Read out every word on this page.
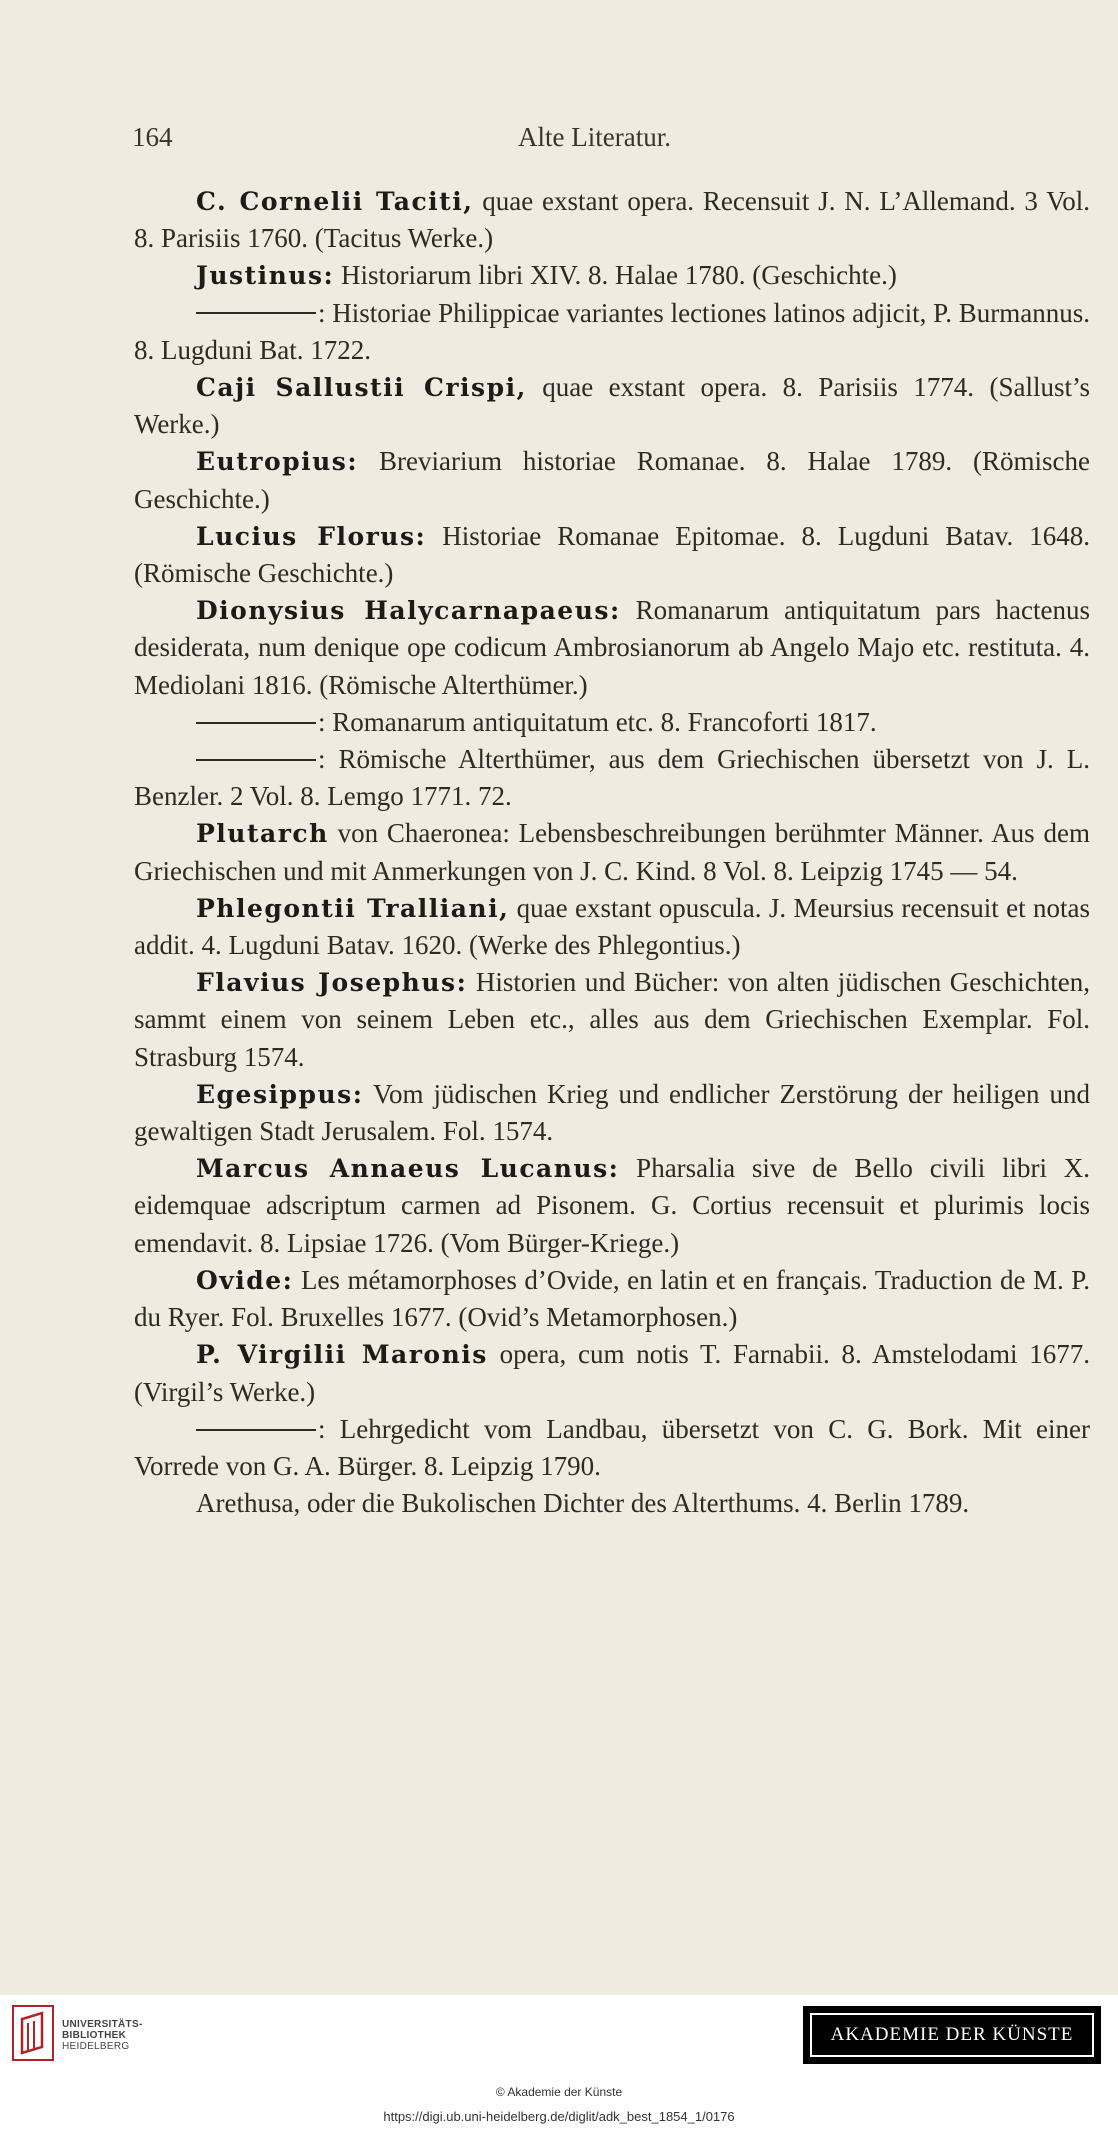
164	Alte Literatur.

C. Cornelii Taciti, quae exstant opera. Recensuit J. N. L’Allemand. 3 Vol. 8. Parisiis 1760. (Tacitus Werke.)

Justinus: Historiarum libri XIV. 8. Halae 1780. (Geschichte.)

: Historiae Philippicae variantes lectiones latinos adjicit, P. Burmannus. 8. Lugduni Bat. 1722.

Caji Sallustii Crispi, quae exstant opera. 8. Parisiis 1774. (Sallust’s Werke.)

Eutropius: Breviarium historiae Romanae. 8. Halae 1789. (Römische Geschichte.)

Lucius Florus: Historiae Romanae Epitomae. 8. Lugduni Batav. 1648. (Römische Geschichte.)

Dionysius Halycarnapaeus: Romanarum antiquitatum pars hactenus desiderata, num denique ope codicum Ambrosianorum ab Angelo Majo etc. restituta. 4. Mediolani 1816. (Römische Alterthümer.)

: Romanarum antiquitatum etc. 8. Francoforti 1817.

: Römische Alterthümer, aus dem Griechischen übersetzt von J. L. Benzler. 2 Vol. 8. Lemgo 1771. 72.

Plutarch von Chaeronea: Lebensbeschreibungen berühmter Männer. Aus dem Griechischen und mit Anmerkungen von J. C. Kind. 8 Vol. 8. Leipzig 1745 — 54.

Phlegontii Tralliani, quae exstant opuscula. J. Meursius recensuit et notas addit. 4. Lugduni Batav. 1620. (Werke des Phlegontius.)

Flavius Josephus: Historien und Bücher: von alten jüdischen Geschichten, sammt einem von seinem Leben etc., alles aus dem Griechischen Exemplar. Fol. Strasburg 1574.

Egesippus: Vom jüdischen Krieg und endlicher Zerstörung der heiligen und gewaltigen Stadt Jerusalem. Fol. 1574.

Marcus Annaeus Lucanus: Pharsalia sive de Bello civili libri X. eidemquae adscriptum carmen ad Pisonem. G. Cortius recensuit et plurimis locis emendavit. 8. Lipsiae 1726. (Vom Bürger-Kriege.)

Ovide: Les métamorphoses d’Ovide, en latin et en français. Traduction de M. P. du Ryer. Fol. Bruxelles 1677. (Ovid’s Metamorphosen.)

P. Virgilii Maronis opera, cum notis T. Farnabii. 8. Amstelodami 1677. (Virgil’s Werke.)

: Lehrgedicht vom Landbau, übersetzt von C. G. Bork. Mit einer Vorrede von G. A. Bürger. 8. Leipzig 1790.

Arethusa, oder die Bukolischen Dichter des Alterthums. 4. Berlin 1789.

UNIVERSITÄTS-
BIBLIOTHEK
HEIDELBERG
AKADEMIE DER KÜNSTE
© Akademie der Künste
https://digi.ub.uni-heidelberg.de/diglit/adk_best_1854_1/0176
